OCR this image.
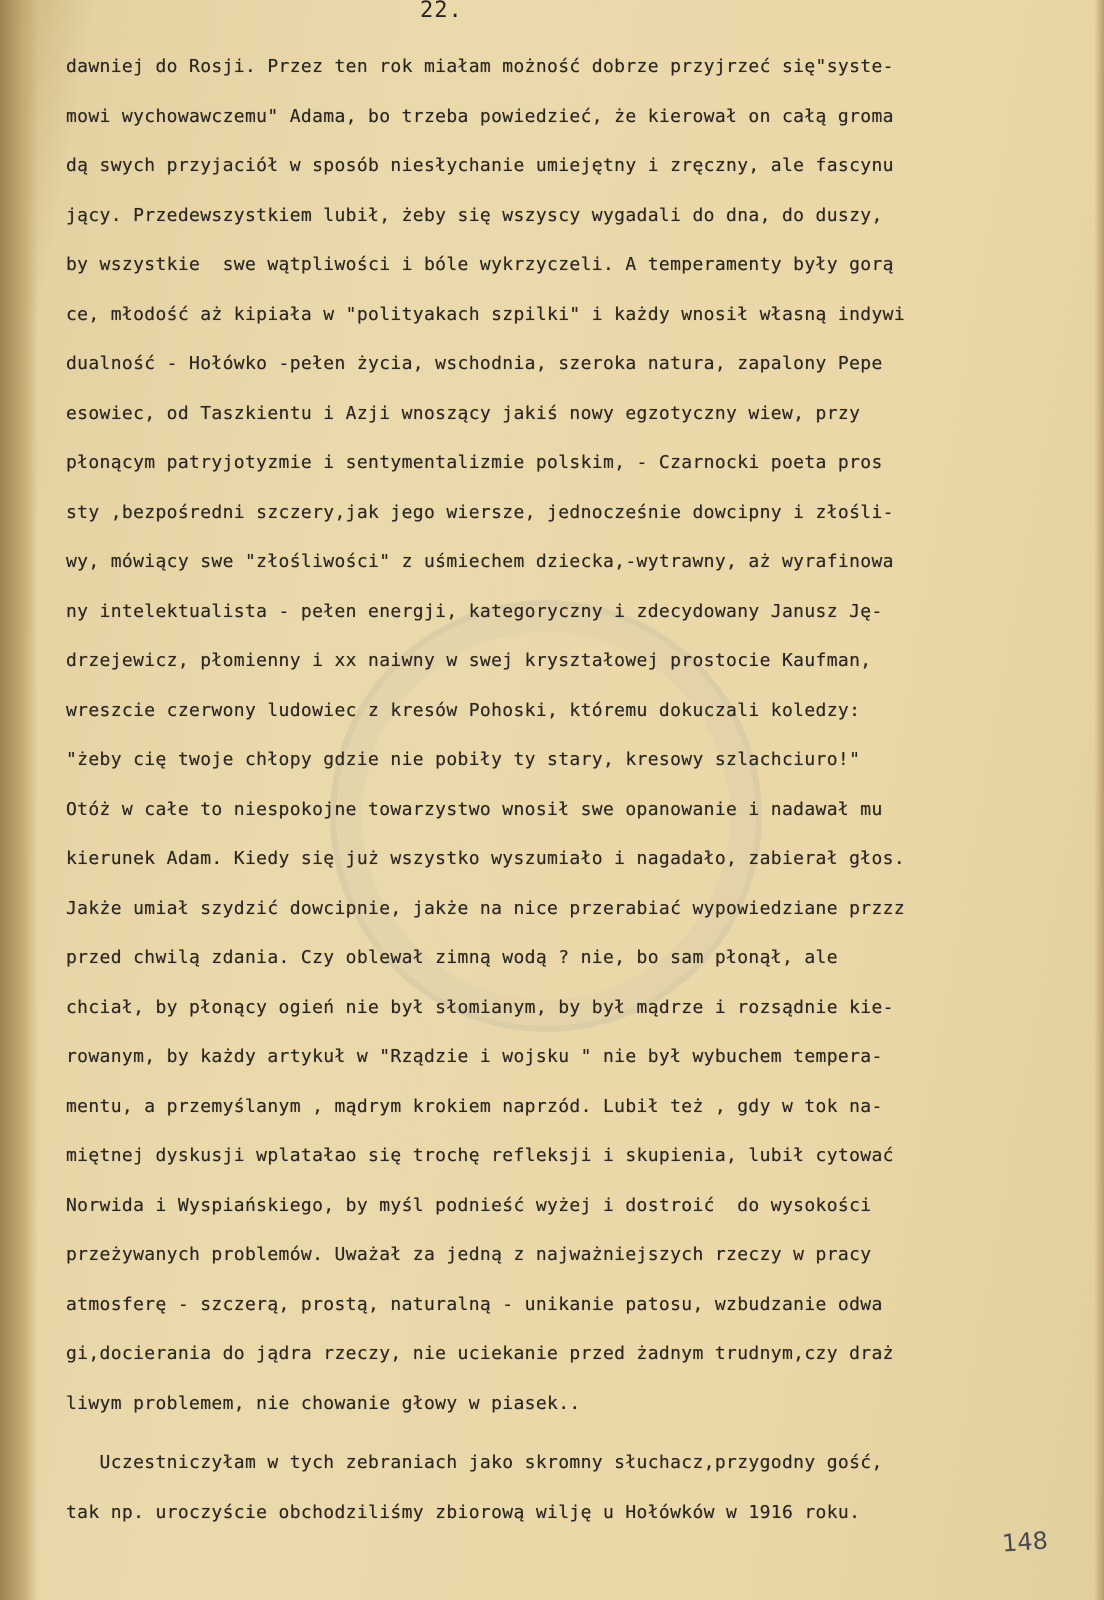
22.
dawniej do Rosji. Przez ten rok miałam możność dobrze przyjrzeć się"syste-
mowi wychowawczemu" Adama, bo trzeba powiedzieć, że kierował on całą groma
dą swych przyjaciół w sposób niesłychanie umiejętny i zręczny, ale fascynu
jący. Przedewszystkiem lubił, żeby się wszyscy wygadali do dna, do duszy,
by wszystkie  swe wątpliwości i bóle wykrzyczeli. A temperamenty były gorą
ce, młodość aż kipiała w "polityakach szpilki" i każdy wnosił własną indywi
dualność - Hołówko -pełen życia, wschodnia, szeroka natura, zapalony Pepe
esowiec, od Taszkientu i Azji wnoszący jakiś nowy egzotyczny wiew, przy
płonącym patryjotyzmie i sentymentalizmie polskim, - Czarnocki poeta pros
sty ,bezpośredni szczery,jak jego wiersze, jednocześnie dowcipny i złośli-
wy, mówiący swe "złośliwości" z uśmiechem dziecka,-wytrawny, aż wyrafinowa
ny intelektualista - pełen energji, kategoryczny i zdecydowany Janusz Ję-
drzejewicz, płomienny i xx naiwny w swej kryształowej prostocie Kaufman,
wreszcie czerwony ludowiec z kresów Pohoski, któremu dokuczali koledzy:
"żeby cię twoje chłopy gdzie nie pobiły ty stary, kresowy szlachciuro!"
Otóż w całe to niespokojne towarzystwo wnosił swe opanowanie i nadawał mu
kierunek Adam. Kiedy się już wszystko wyszumiało i nagadało, zabierał głos.
Jakże umiał szydzić dowcipnie, jakże na nice przerabiać wypowiedziane przzz
przed chwilą zdania. Czy oblewał zimną wodą ? nie, bo sam płonął, ale
chciał, by płonący ogień nie był słomianym, by był mądrze i rozsądnie kie-
rowanym, by każdy artykuł w "Rządzie i wojsku " nie był wybuchem tempera-
mentu, a przemyślanym , mądrym krokiem naprzód. Lubił też , gdy w tok na-
miętnej dyskusji wplatałao się trochę refleksji i skupienia, lubił cytować
Norwida i Wyspiańskiego, by myśl podnieść wyżej i dostroić  do wysokości
przeżywanych problemów. Uważał za jedną z najważniejszych rzeczy w pracy
atmosferę - szczerą, prostą, naturalną - unikanie patosu, wzbudzanie odwa
gi,docierania do jądra rzeczy, nie uciekanie przed żadnym trudnym,czy draż
liwym problemem, nie chowanie głowy w piasek..
Uczestniczyłam w tych zebraniach jako skromny słuchacz,przygodny gość,
tak np. uroczyście obchodziliśmy zbiorową wilję u Hołówków w 1916 roku.
148
